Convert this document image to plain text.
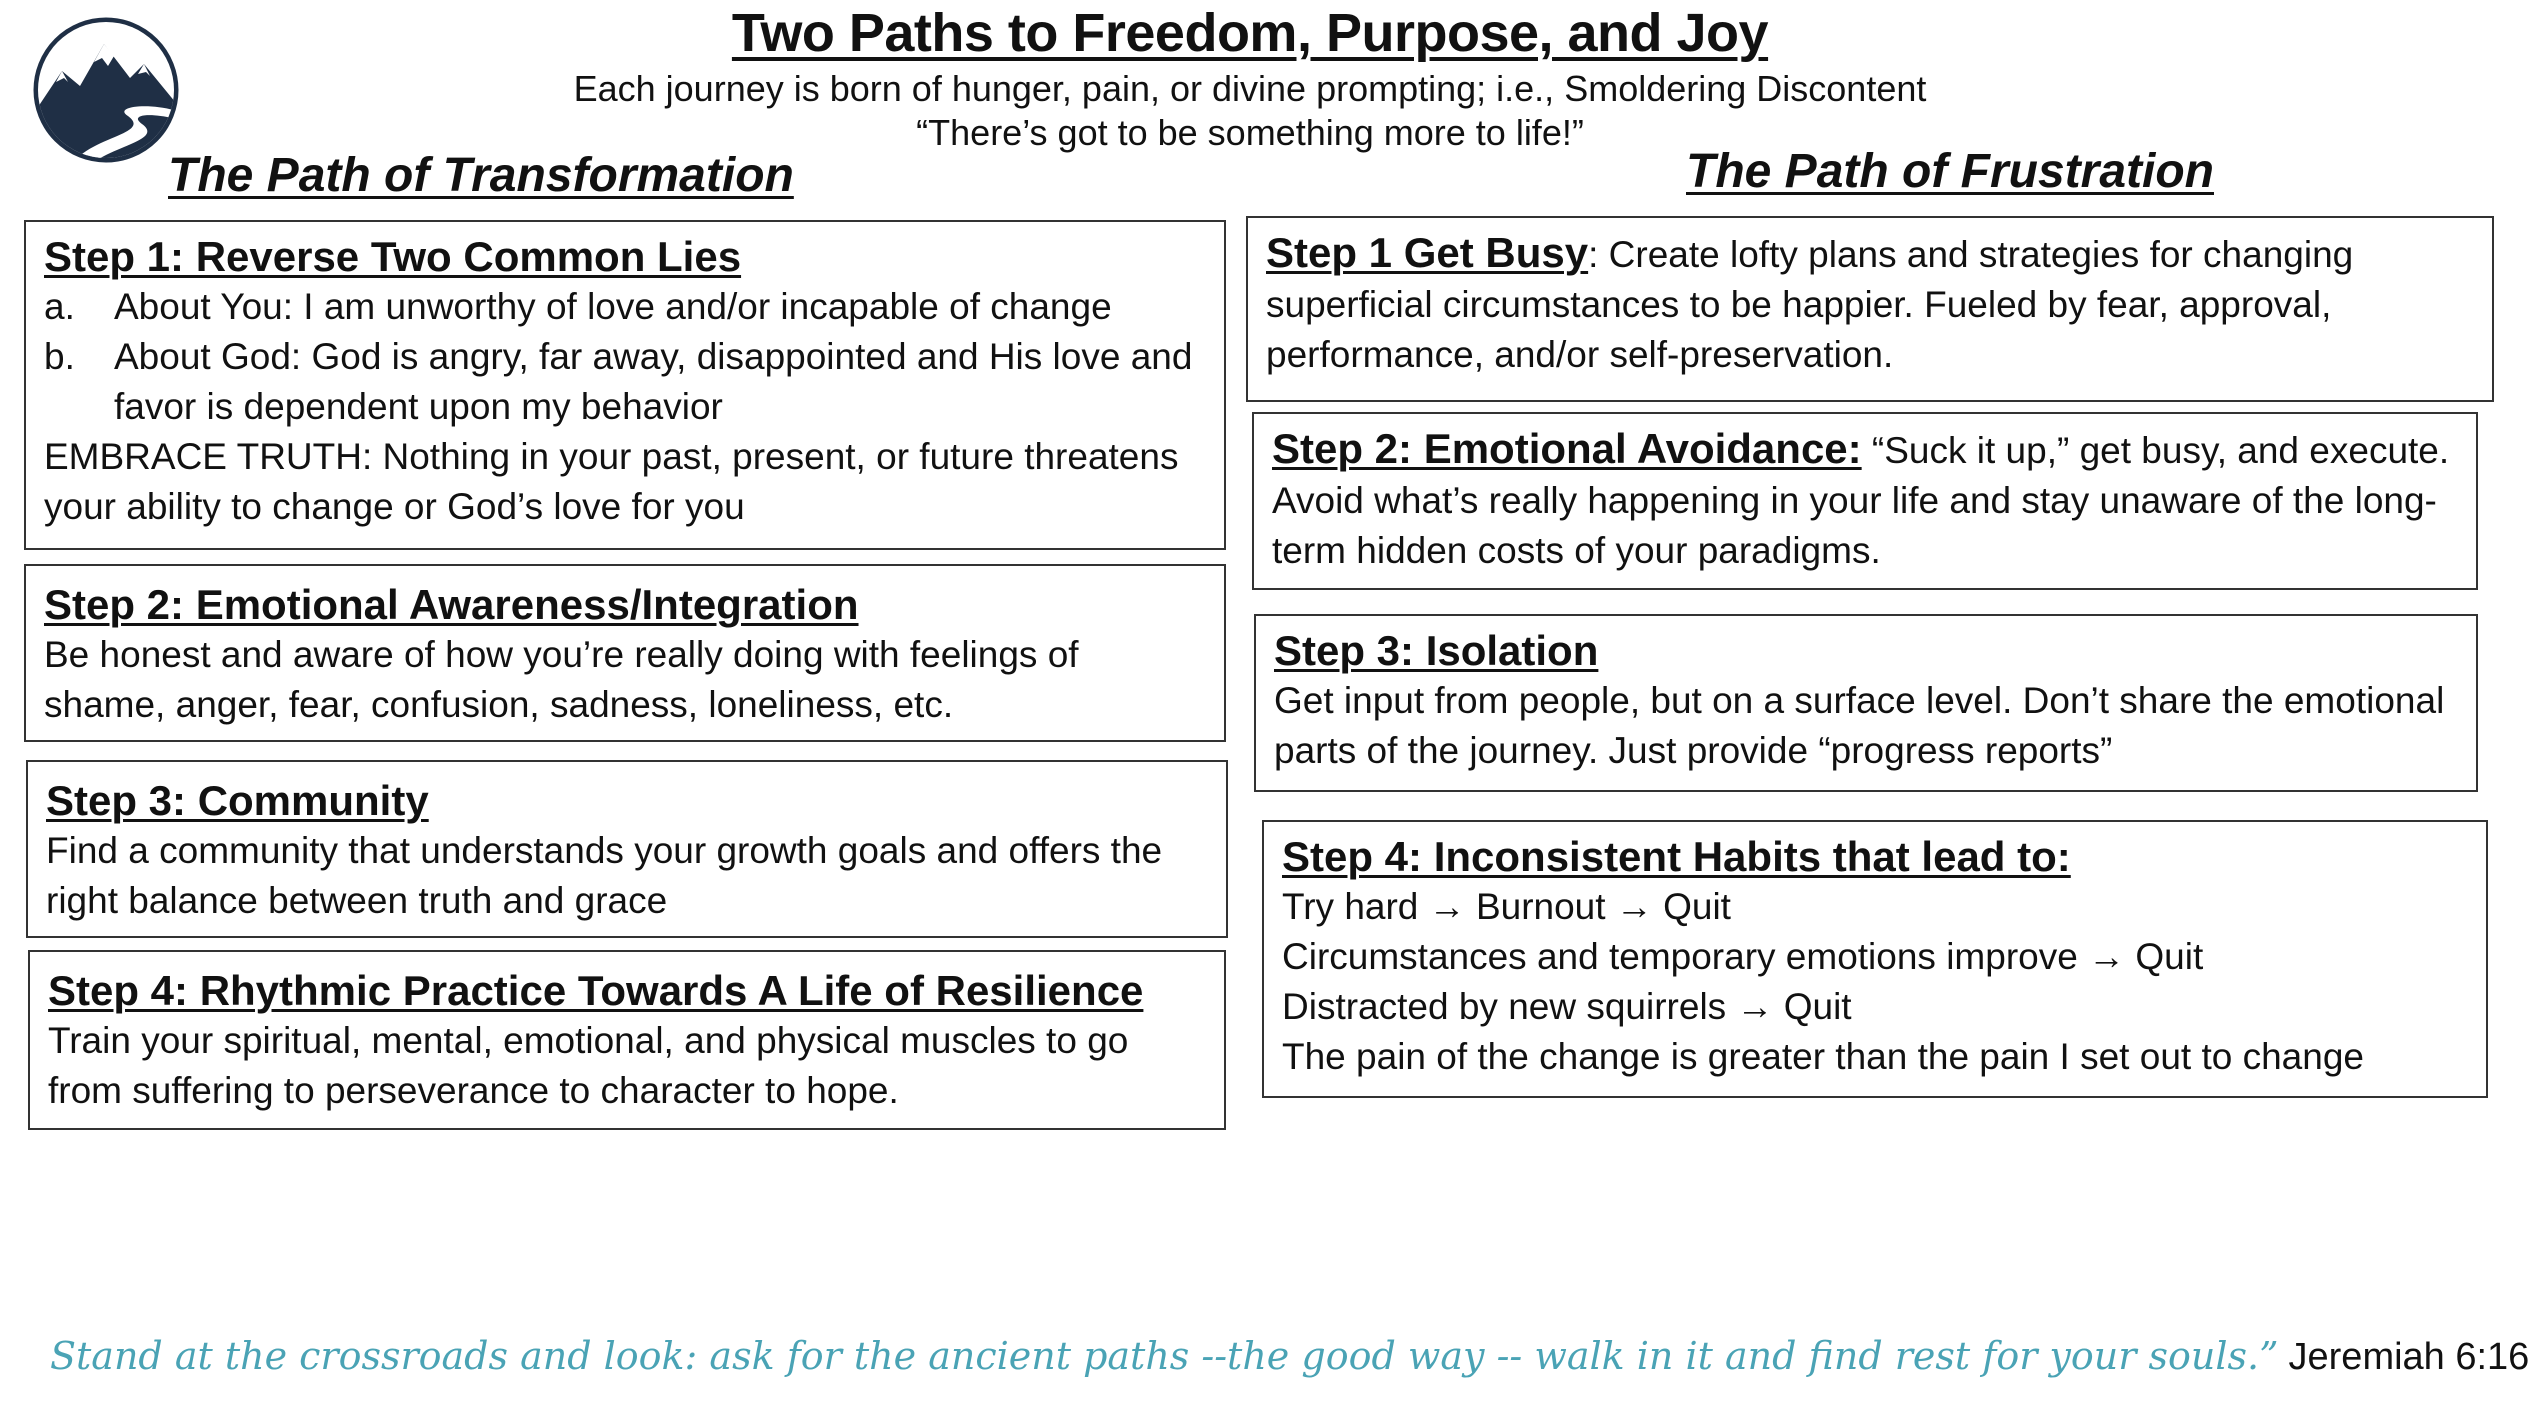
Two Paths to Freedom, Purpose, and Joy
Each journey is born of hunger, pain, or divine prompting; i.e., Smoldering Discontent
“There’s got to be something more to life!”
The Path of Transformation	The Path of Frustration
Step 1: Reverse Two Common Lies
a.	About You: I am unworthy of love and/or incapable of change
b.	About God: God is angry, far away, disappointed and His love and favor is dependent upon my behavior
EMBRACE TRUTH: Nothing in your past, present, or future threatens your ability to change or God’s love for you
Step 2: Emotional Awareness/Integration
Be honest and aware of how you’re really doing with feelings of shame, anger, fear, confusion, sadness, loneliness, etc.
Step 3: Community
Find a community that understands your growth goals and offers the right balance between truth and grace
Step 4: Rhythmic Practice Towards A Life of Resilience
Train your spiritual, mental, emotional, and physical muscles to go from suffering to perseverance to character to hope.
Step 1 Get Busy: Create lofty plans and strategies for changing superficial circumstances to be happier. Fueled by fear, approval, performance, and/or self-preservation.
Step 2: Emotional Avoidance: “Suck it up,” get busy, and execute. Avoid what’s really happening in your life and stay unaware of the long-term hidden costs of your paradigms.
Step 3: Isolation
Get input from people, but on a surface level. Don’t share the emotional parts of the journey. Just provide “progress reports”
Step 4: Inconsistent Habits that lead to:
Try hard → Burnout → Quit
Circumstances and temporary emotions improve → Quit
Distracted by new squirrels → Quit
The pain of the change is greater than the pain I set out to change
Stand at the crossroads and look: ask for the ancient paths --the good way -- walk in it and find rest for your souls.” Jeremiah 6:16
